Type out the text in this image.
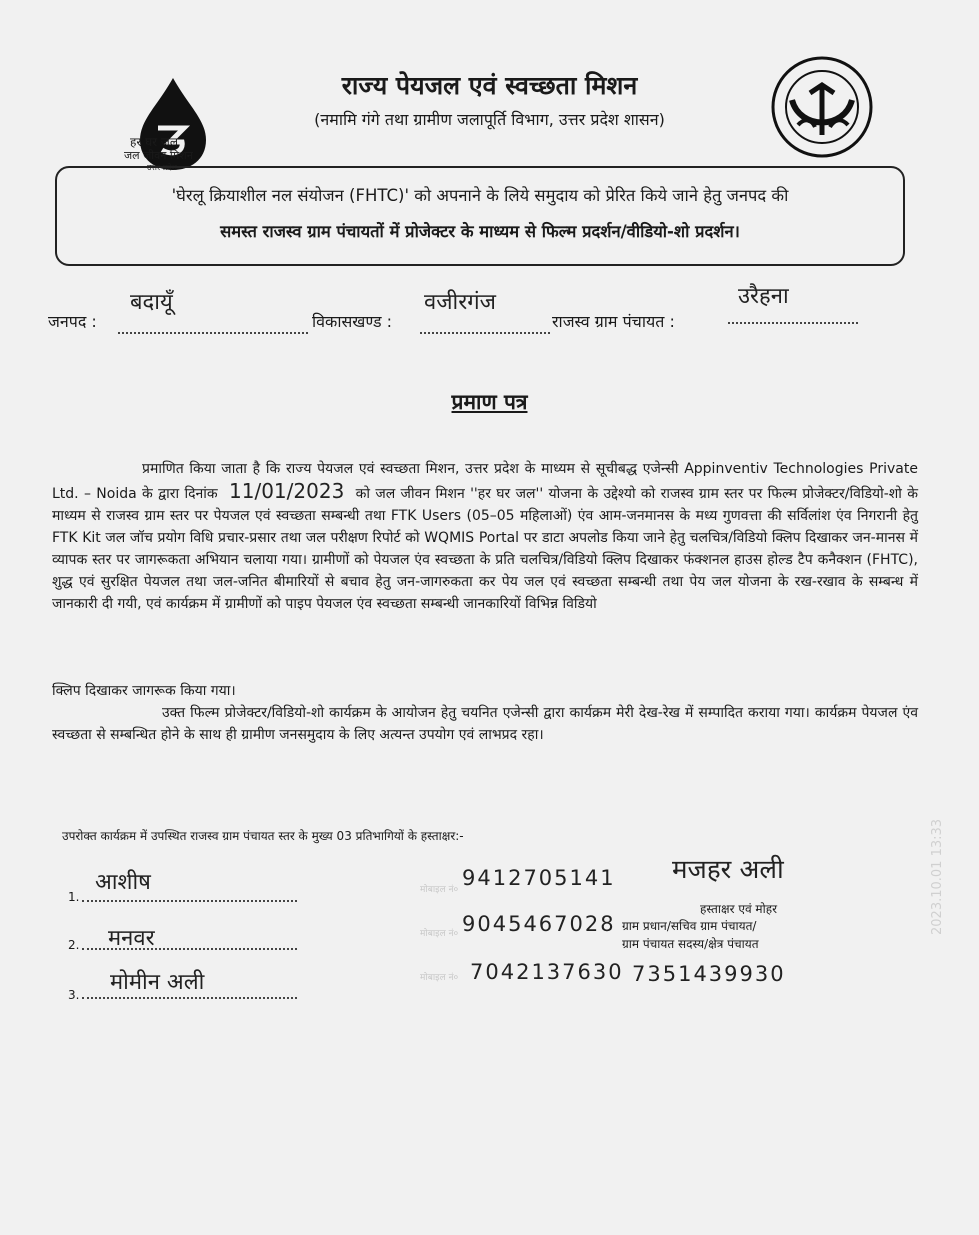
हर घर जल
जल जीवन मिशन
उत्तर प्रदेश
राज्य पेयजल एवं स्वच्छता मिशन
(नमामि गंगे तथा ग्रामीण जलापूर्ति विभाग, उत्तर प्रदेश शासन)
'घेरलू क्रियाशील नल संयोजन (FHTC)' को अपनाने के लिये समुदाय को प्रेरित किये जाने हेतु जनपद की
समस्त राजस्व ग्राम पंचायतों में प्रोजेक्टर के माध्यम से फिल्म प्रदर्शन/वीडियो-शो प्रदर्शन।
जनपद :
बदायूँ
विकासखण्ड :
वजीरगंज
राजस्व ग्राम पंचायत :
उरैहना
प्रमाण पत्र
प्रमाणित किया जाता है कि राज्य पेयजल एवं स्वच्छता मिशन, उत्तर प्रदेश के माध्यम से सूचीबद्ध एजेन्सी Appinventiv Technologies Private Ltd. – Noida के द्वारा दिनांक 11/01/2023 को जल जीवन मिशन ''हर घर जल'' योजना के उद्देश्यो को राजस्व ग्राम स्तर पर फिल्म प्रोजेक्टर/विडियो-शो के माध्यम से राजस्व ग्राम स्तर पर पेयजल एवं स्वच्छता सम्बन्धी तथा FTK Users (05–05 महिलाओं) एंव आम-जनमानस के मध्य गुणवत्ता की सर्विलांश एंव निगरानी हेतु FTK Kit जल जॉच प्रयोग विधि प्रचार-प्रसार तथा जल परीक्षण रिपोर्ट को WQMIS Portal पर डाटा अपलोड किया जाने हेतु चलचित्र/विडियो क्लिप दिखाकर जन-मानस में व्यापक स्तर पर जागरूकता अभियान चलाया गया। ग्रामीणों को पेयजल एंव स्वच्छता के प्रति चलचित्र/विडियो क्लिप दिखाकर फंक्शनल हाउस होल्ड टैप कनैक्शन (FHTC), शुद्ध एवं सुरक्षित पेयजल तथा जल-जनित बीमारियों से बचाव हेतु जन-जागरुकता कर पेय जल एवं स्वच्छता सम्बन्धी तथा पेय जल योजना के रख-रखाव के सम्बन्ध में जानकारी दी गयी, एवं कार्यक्रम में ग्रामीणों को पाइप पेयजल एंव स्वच्छता सम्बन्धी जानकारियों विभिन्न विडियो
क्लिप दिखाकर जागरूक किया गया।
उक्त फिल्म प्रोजेक्टर/विडियो-शो कार्यक्रम के आयोजन हेतु चयनित एजेन्सी द्वारा कार्यक्रम मेरी देख-रेख में सम्पादित कराया गया। कार्यक्रम पेयजल एंव स्वच्छता से सम्बन्धित होने के साथ ही ग्रामीण जनसमुदाय के लिए अत्यन्त उपयोग एवं लाभप्रद रहा।
उपरोक्त कार्यक्रम में उपस्थित राजस्व ग्राम पंचायत स्तर के मुख्य 03 प्रतिभागियों के हस्ताक्षर:-
1.
आशीष
2. मनवर
3. मोमीन अली
मोबाइल नं०
मोबाइल नं०
मोबाइल नं०
9412705141
9045467028
7042137630 7351439930
मजहर अली
हस्ताक्षर एवं मोहर
ग्राम प्रधान/सचिव ग्राम पंचायत/
ग्राम पंचायत सदस्य/क्षेत्र पंचायत
2023.10.01 13:33
